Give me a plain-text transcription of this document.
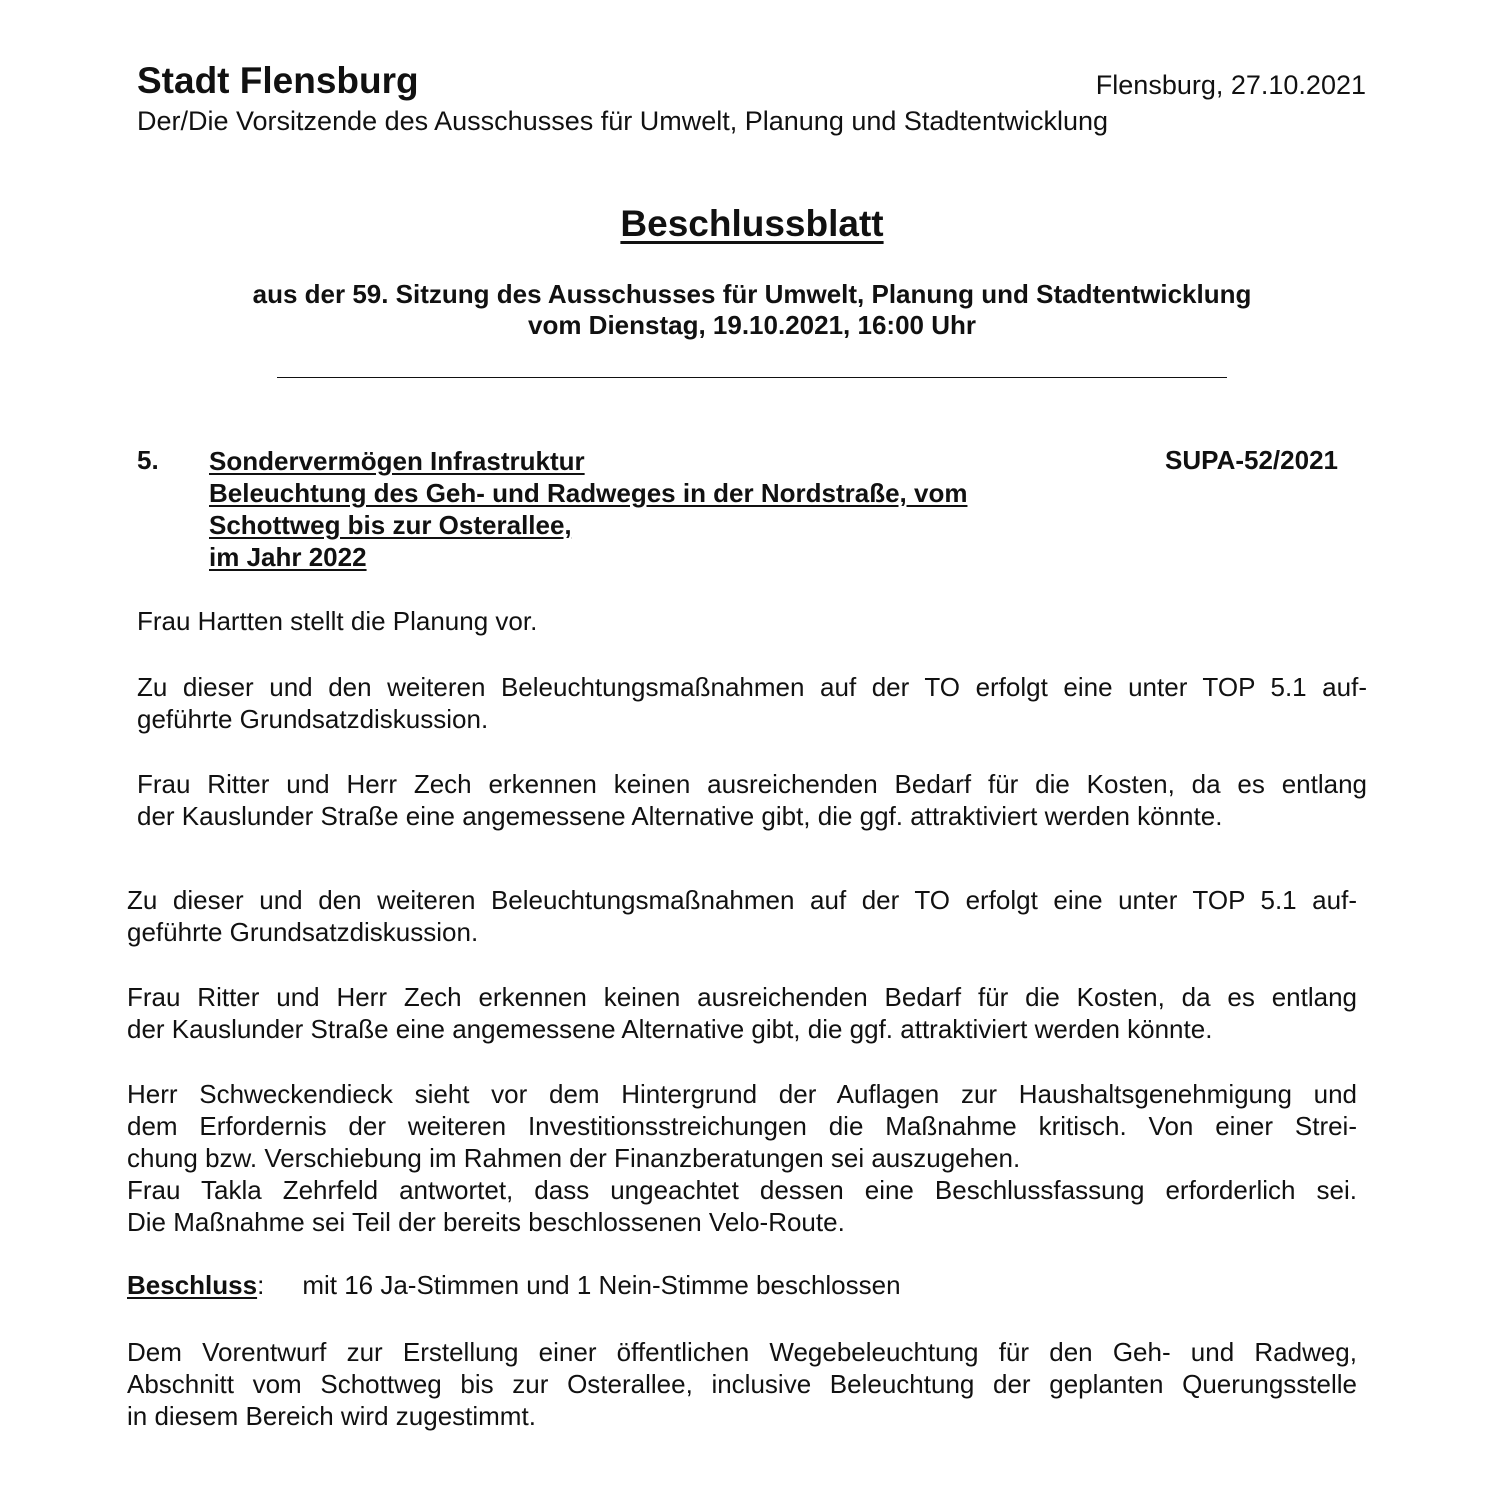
Stadt Flensburg	Flensburg, 27.10.2021
Der/Die Vorsitzende des Ausschusses für Umwelt, Planung und Stadtentwicklung
Beschlussblatt
aus der 59. Sitzung des Ausschusses für Umwelt, Planung und Stadtentwicklung
vom Dienstag, 19.10.2021, 16:00 Uhr
5. Sondervermögen Infrastruktur
Beleuchtung des Geh- und Radweges in der Nordstraße, vom
Schottweg bis zur Osterallee,
im Jahr 2022
SUPA-52/2021
Frau Hartten stellt die Planung vor.
Zu dieser und den weiteren Beleuchtungsmaßnahmen auf der TO erfolgt eine unter TOP 5.1 auf-
geführte Grundsatzdiskussion.
Frau Ritter und Herr Zech erkennen keinen ausreichenden Bedarf für die Kosten, da es entlang
der Kauslunder Straße eine angemessene Alternative gibt, die ggf. attraktiviert werden könnte.
Zu dieser und den weiteren Beleuchtungsmaßnahmen auf der TO erfolgt eine unter TOP 5.1 auf-
geführte Grundsatzdiskussion.
Frau Ritter und Herr Zech erkennen keinen ausreichenden Bedarf für die Kosten, da es entlang
der Kauslunder Straße eine angemessene Alternative gibt, die ggf. attraktiviert werden könnte.
Herr Schweckendieck sieht vor dem Hintergrund der Auflagen zur Haushaltsgenehmigung und
dem Erfordernis der weiteren Investitionsstreichungen die Maßnahme kritisch. Von einer Strei-
chung bzw. Verschiebung im Rahmen der Finanzberatungen sei auszugehen.
Frau Takla Zehrfeld antwortet, dass ungeachtet dessen eine Beschlussfassung erforderlich sei.
Die Maßnahme sei Teil der bereits beschlossenen Velo-Route.
Beschluss: mit 16 Ja-Stimmen und 1 Nein-Stimme beschlossen
Dem Vorentwurf zur Erstellung einer öffentlichen Wegebeleuchtung für den Geh- und Radweg,
Abschnitt vom Schottweg bis zur Osterallee, inclusive Beleuchtung der geplanten Querungsstelle
in diesem Bereich wird zugestimmt.
